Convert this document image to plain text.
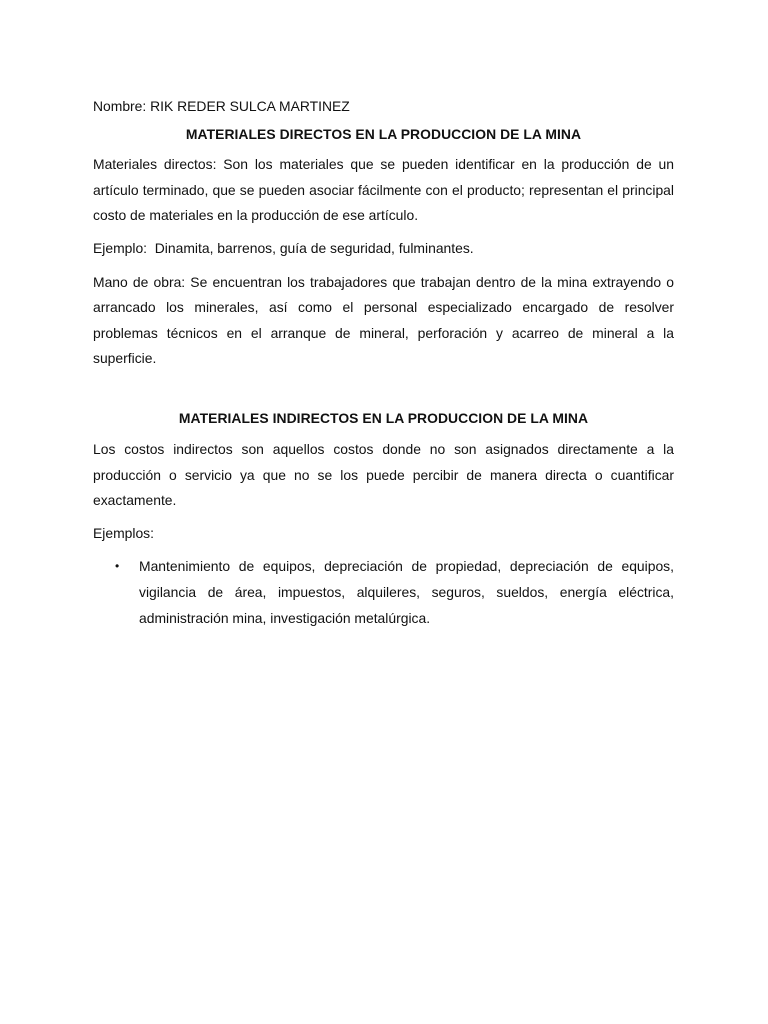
Nombre: RIK REDER SULCA MARTINEZ

MATERIALES DIRECTOS EN LA PRODUCCION DE LA MINA

Materiales directos: Son los materiales que se pueden identificar en la producción de un artículo terminado, que se pueden asociar fácilmente con el producto; representan el principal costo de materiales en la producción de ese artículo.

Ejemplo:  Dinamita, barrenos, guía de seguridad, fulminantes.

Mano de obra: Se encuentran los trabajadores que trabajan dentro de la mina extrayendo o arrancado los minerales, así como el personal especializado encargado de resolver problemas técnicos en el arranque de mineral, perforación y acarreo de mineral a la superficie.

MATERIALES INDIRECTOS EN LA PRODUCCION DE LA MINA

Los costos indirectos son aquellos costos donde no son asignados directamente a la producción o servicio ya que no se los puede percibir de manera directa o cuantificar exactamente.

Ejemplos:

• Mantenimiento de equipos, depreciación de propiedad, depreciación de equipos, vigilancia de área, impuestos, alquileres, seguros, sueldos, energía eléctrica, administración mina, investigación metalúrgica.
